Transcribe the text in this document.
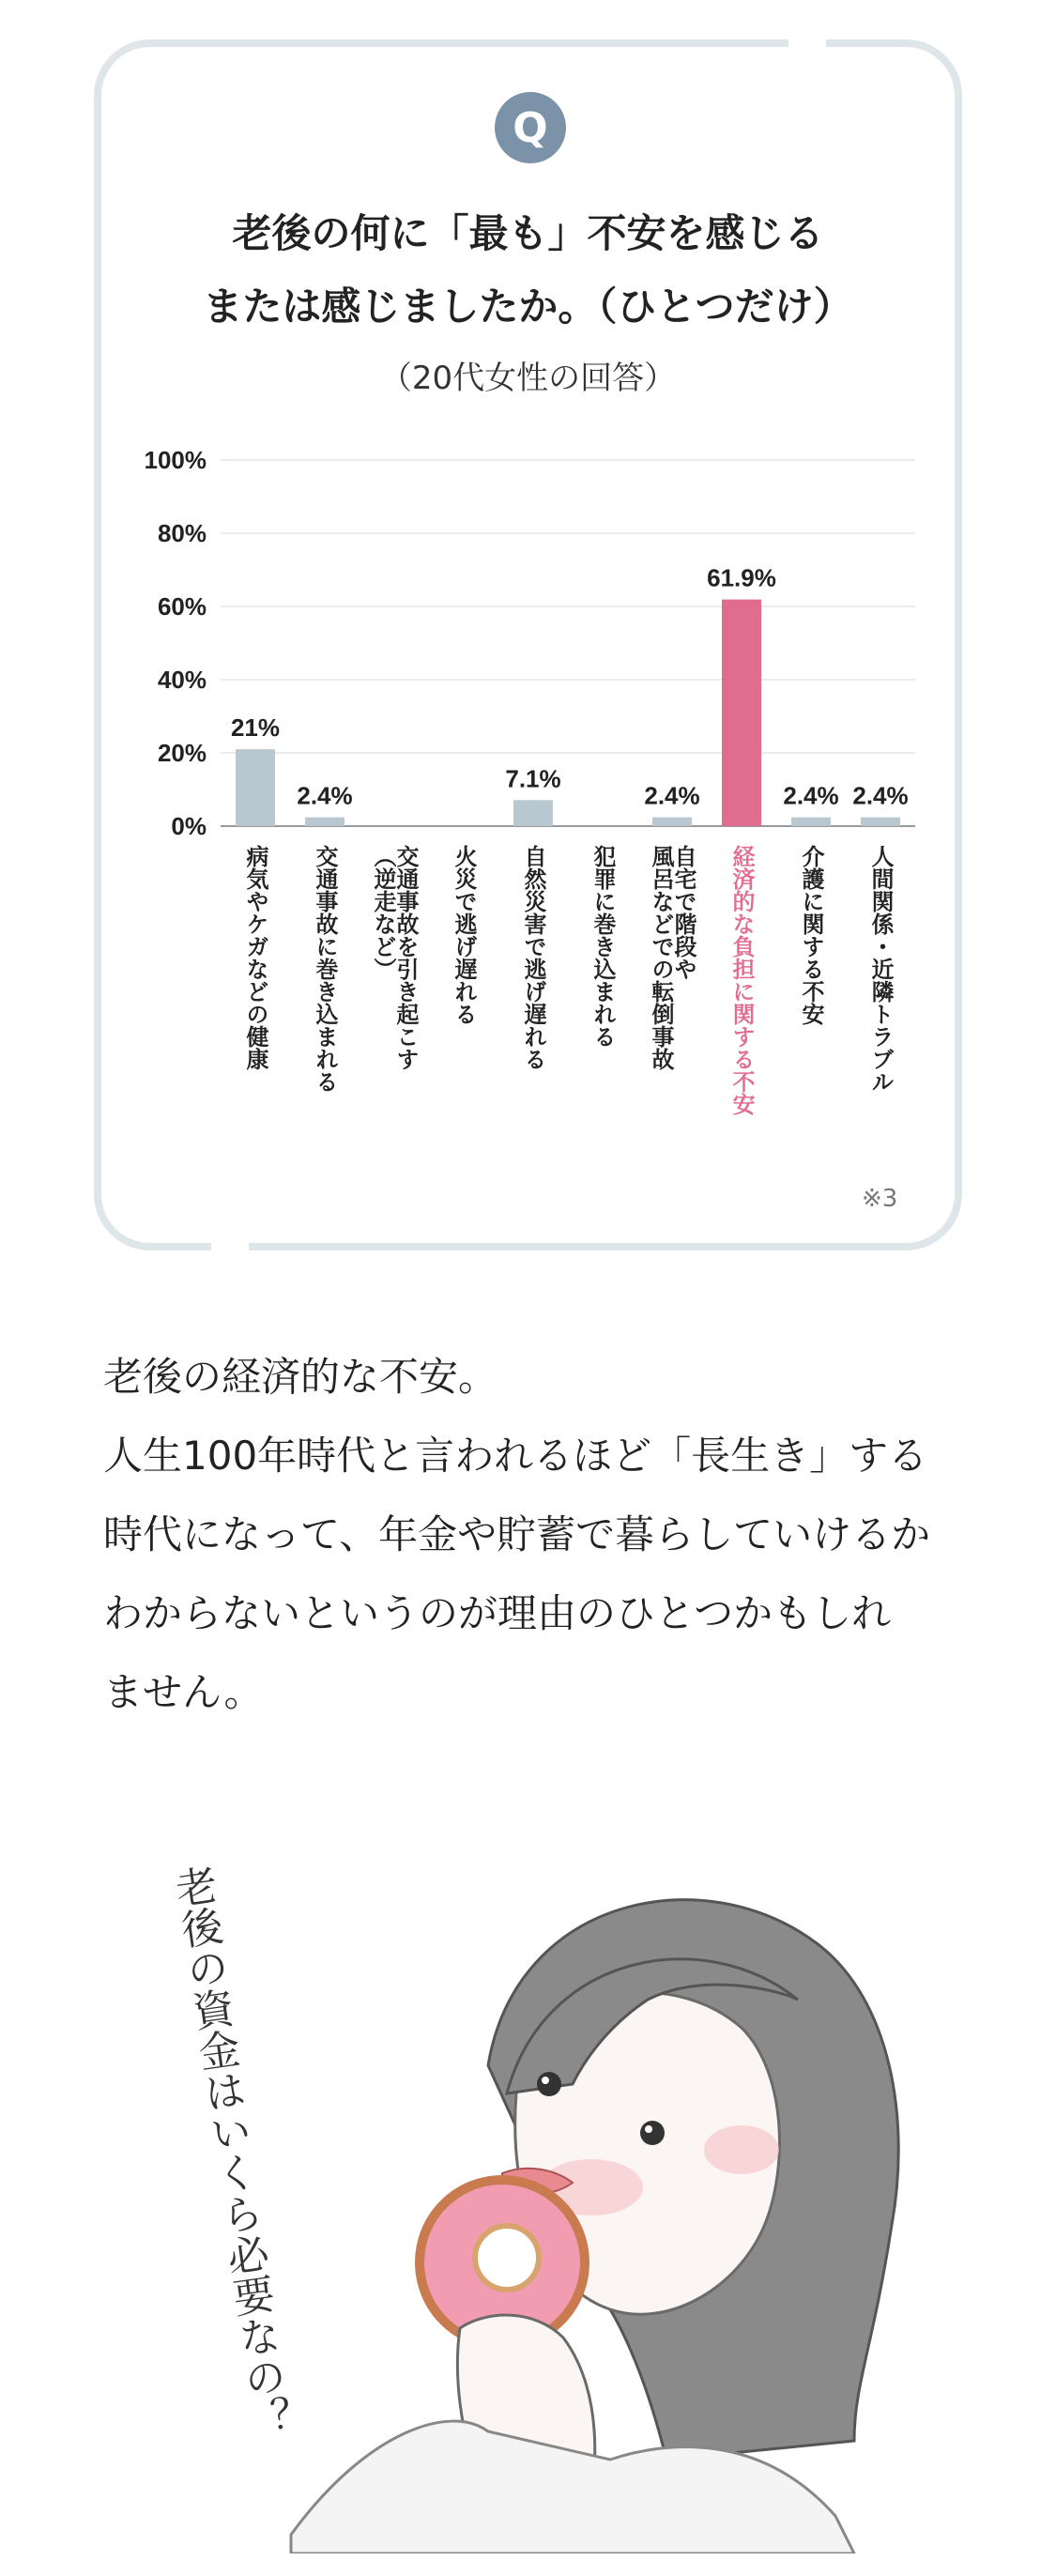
Q
老後の何に「最も」不安を感じる
または感じましたか。（ひとつだけ）
（20代女性の回答）
0%
20%
40%
60%
80%
100%
21%
病気やケガなどの健康
2.4%
交通事故に巻き込まれる 交通事故を引き起こす
（逆走など） 火災で逃げ遅れる
7.1%
自然災害で逃げ遅れる 犯罪に巻き込まれる
2.4%
自宅で階段や
風呂などでの転倒事故
61.9%
経済的な負担に関する不安
2.4%
介護に関する不安
2.4%
人間関係・近隣トラブル
※3
老後の経済的な不安。
人生100年時代と言われるほど「長生き」する
時代になって、年金や貯蓄で暮らしていけるか
わからないというのが理由のひとつかもしれ
ません。
老後の資金はいくら必要なの？
